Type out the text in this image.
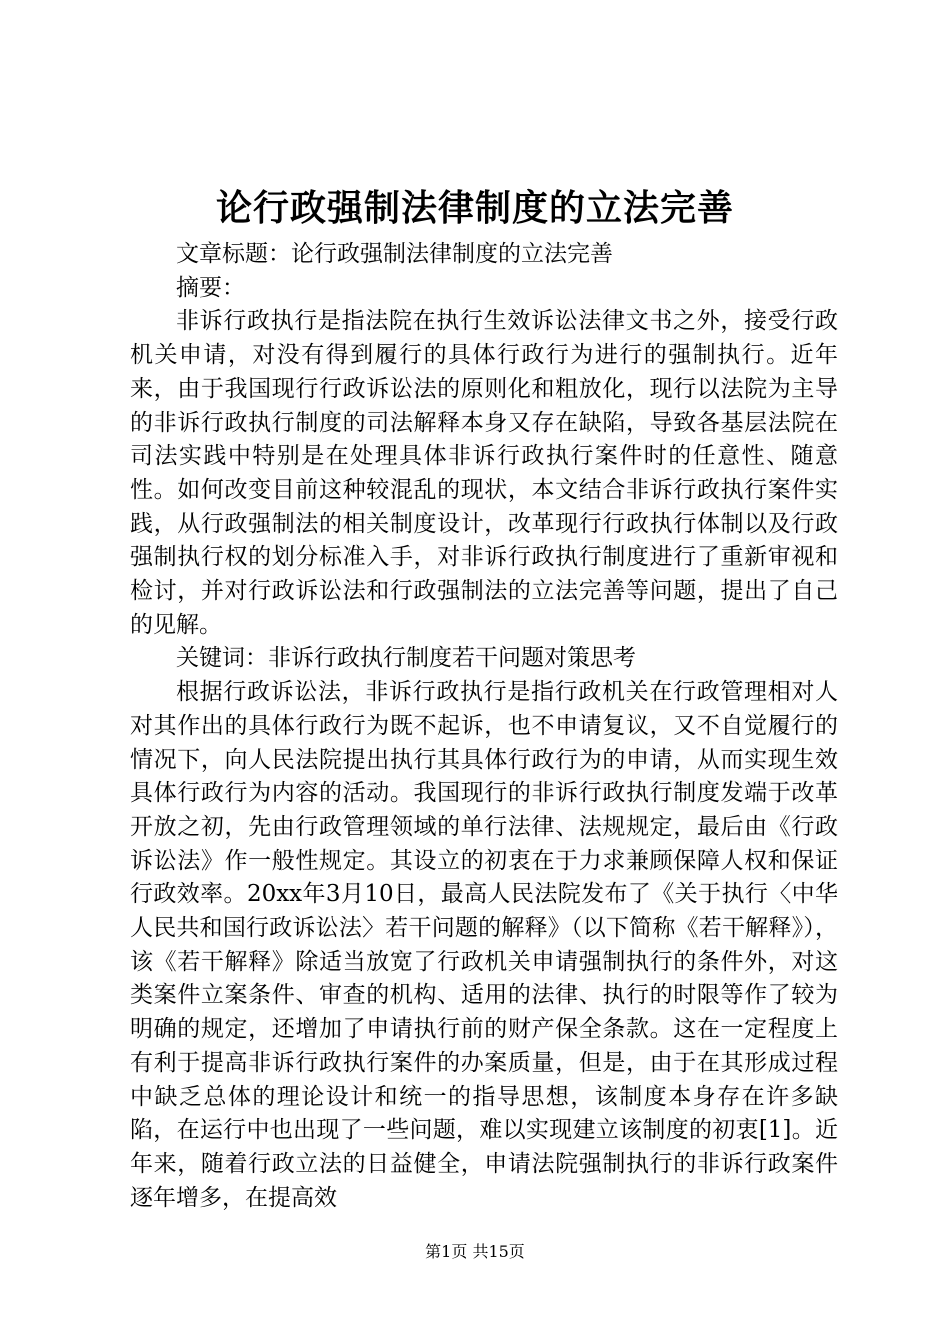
论行政强制法律制度的立法完善

文章标题：论行政强制法律制度的立法完善

摘要：

非诉行政执行是指法院在执行生效诉讼法律文书之外，接受行政机关申请，对没有得到履行的具体行政行为进行的强制执行。近年来，由于我国现行行政诉讼法的原则化和粗放化，现行以法院为主导的非诉行政执行制度的司法解释本身又存在缺陷，导致各基层法院在司法实践中特别是在处理具体非诉行政执行案件时的任意性、随意性。如何改变目前这种较混乱的现状，本文结合非诉行政执行案件实践，从行政强制法的相关制度设计，改革现行行政执行体制以及行政强制执行权的划分标准入手，对非诉行政执行制度进行了重新审视和检讨，并对行政诉讼法和行政强制法的立法完善等问题，提出了自己的见解。

关键词：非诉行政执行制度若干问题对策思考

根据行政诉讼法，非诉行政执行是指行政机关在行政管理相对人对其作出的具体行政行为既不起诉，也不申请复议，又不自觉履行的情况下，向人民法院提出执行其具体行政行为的申请，从而实现生效具体行政行为内容的活动。我国现行的非诉行政执行制度发端于改革开放之初，先由行政管理领域的单行法律、法规规定，最后由《行政诉讼法》作一般性规定。其设立的初衷在于力求兼顾保障人权和保证行政效率。20xx年3月10日，最高人民法院发布了《关于执行〈中华人民共和国行政诉讼法〉若干问题的解释》（以下简称《若干解释》），该《若干解释》除适当放宽了行政机关申请强制执行的条件外，对这类案件立案条件、审查的机构、适用的法律、执行的时限等作了较为明确的规定，还增加了申请执行前的财产保全条款。这在一定程度上有利于提高非诉行政执行案件的办案质量，但是，由于在其形成过程中缺乏总体的理论设计和统一的指导思想，该制度本身存在许多缺陷，在运行中也出现了一些问题，难以实现建立该制度的初衷[1]。近年来，随着行政立法的日益健全，申请法院强制执行的非诉行政案件逐年增多，在提高效

第1页 共15页
